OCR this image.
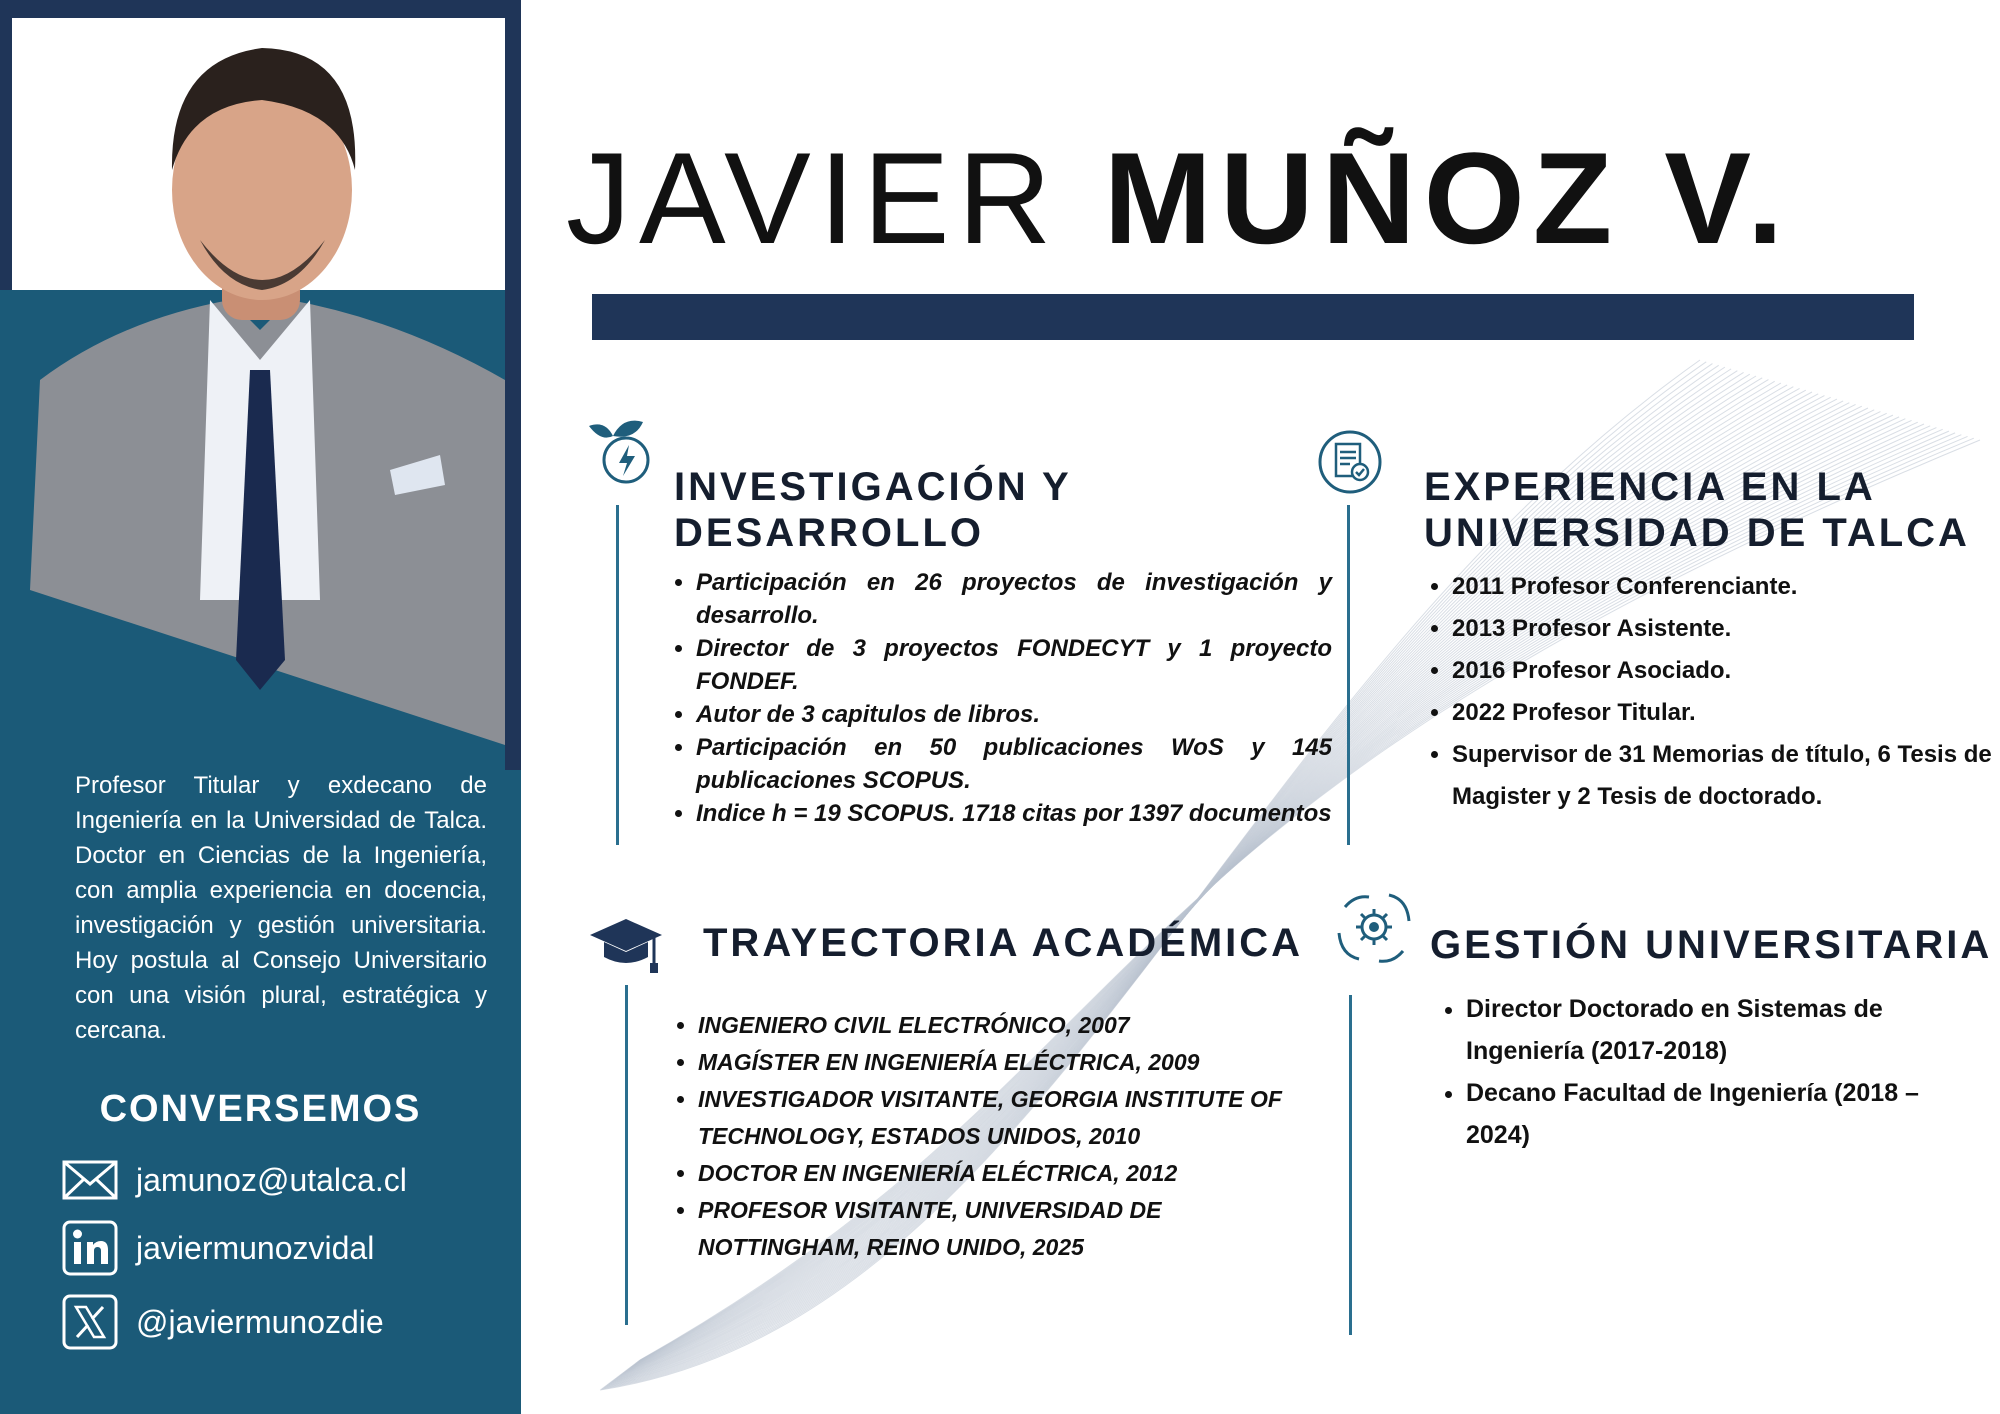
Profesor Titular y exdecano de Ingeniería en la Universidad de Talca. Doctor en Ciencias de la Ingeniería, con amplia experiencia en docencia, investigación y gestión universitaria. Hoy postula al Consejo Universitario con una visión plural, estratégica y cercana.

CONVERSEMOS
jamunoz@utalca.cl
javiermunozvidal
@javiermunozdie
JAVIER MUÑOZ V.
INVESTIGACIÓN Y
DESARROLLO
• Participación en 26 proyectos de investigación y desarrollo.
• Director de 3 proyectos FONDECYT y 1 proyecto FONDEF.
• Autor de 3 capitulos de libros.
• Participación en 50 publicaciones WoS y 145 publicaciones SCOPUS.
• Indice h = 19 SCOPUS. 1718 citas por 1397 documentos
EXPERIENCIA EN LA
UNIVERSIDAD DE TALCA
• 2011 Profesor Conferenciante.
• 2013 Profesor Asistente.
• 2016 Profesor Asociado.
• 2022 Profesor Titular.
• Supervisor de 31 Memorias de título, 6 Tesis de Magister y 2 Tesis de doctorado.
TRAYECTORIA ACADÉMICA
• INGENIERO CIVIL ELECTRÓNICO, 2007
• MAGÍSTER EN INGENIERÍA ELÉCTRICA, 2009
• INVESTIGADOR VISITANTE, GEORGIA INSTITUTE OF TECHNOLOGY, ESTADOS UNIDOS, 2010
• DOCTOR EN INGENIERÍA ELÉCTRICA, 2012
• PROFESOR VISITANTE, UNIVERSIDAD DE NOTTINGHAM, REINO UNIDO, 2025
GESTIÓN UNIVERSITARIA
• Director Doctorado en Sistemas de Ingeniería (2017-2018)
• Decano Facultad de Ingeniería (2018 – 2024)
